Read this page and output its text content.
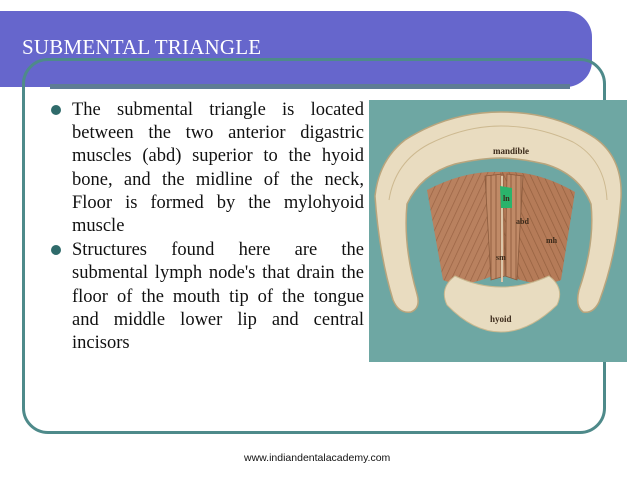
SUBMENTAL TRIANGLE
The submental triangle is located between the two anterior digastric muscles (abd) superior to the hyoid bone, and the midline of the neck, Floor is formed by the mylohyoid muscle
Structures found here are the submental lymph node's that drain the floor of the mouth tip of the tongue and middle lower lip and central incisors
mandible
ln
abd
mh
sm
hyoid
www.indiandentalacademy.com
